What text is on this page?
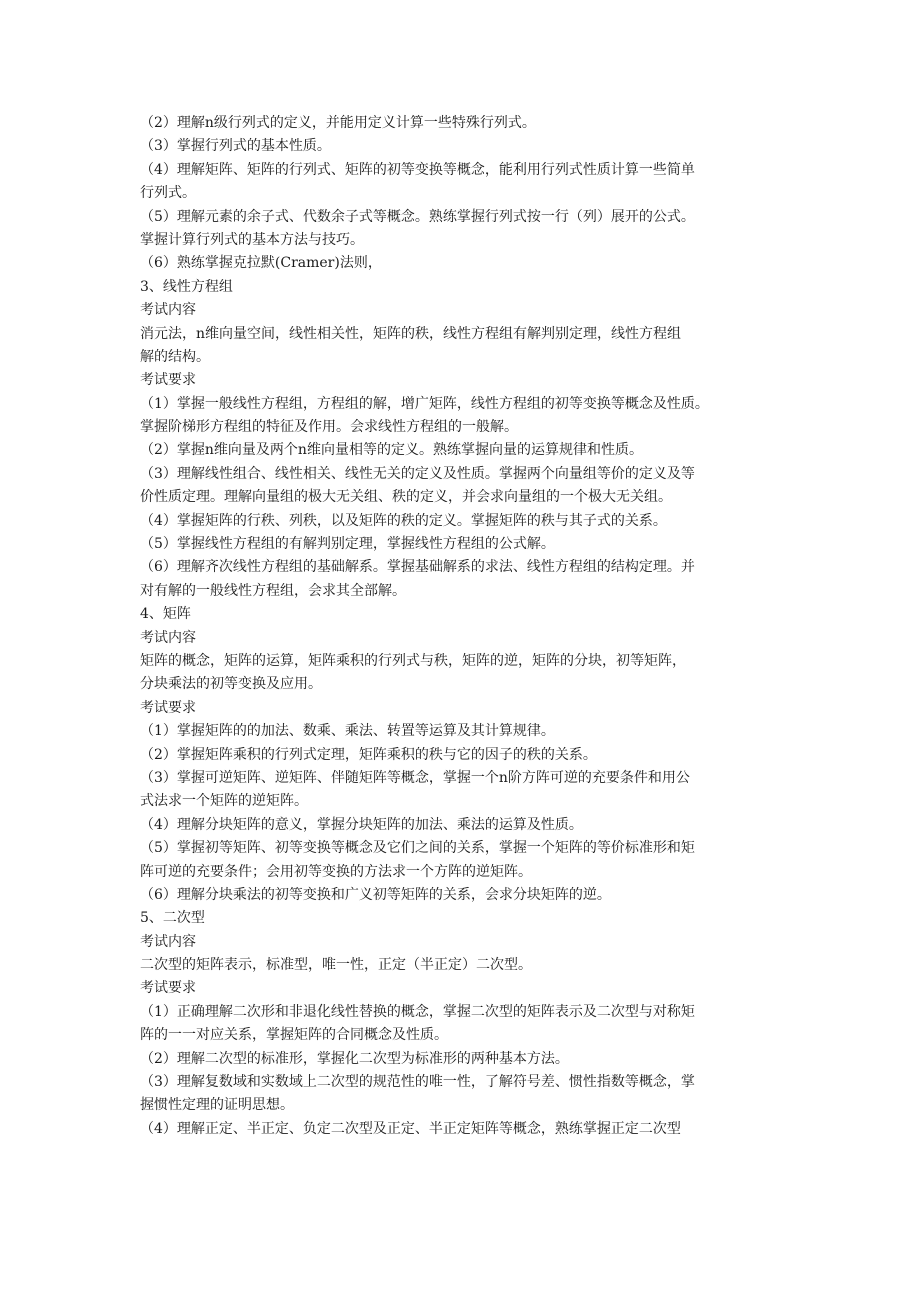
（2）理解n级行列式的定义，并能用定义计算一些特殊行列式。
（3）掌握行列式的基本性质。
（4）理解矩阵、矩阵的行列式、矩阵的初等变换等概念，能利用行列式性质计算一些简单
行列式。
（5）理解元素的余子式、代数余子式等概念。熟练掌握行列式按一行（列）展开的公式。
掌握计算行列式的基本方法与技巧。
（6）熟练掌握克拉默(Cramer)法则，
3、线性方程组
考试内容
消元法，n维向量空间，线性相关性，矩阵的秩，线性方程组有解判别定理，线性方程组
解的结构。
考试要求
（1）掌握一般线性方程组，方程组的解，增广矩阵，线性方程组的初等变换等概念及性质。
掌握阶梯形方程组的特征及作用。会求线性方程组的一般解。
（2）掌握n维向量及两个n维向量相等的定义。熟练掌握向量的运算规律和性质。
（3）理解线性组合、线性相关、线性无关的定义及性质。掌握两个向量组等价的定义及等
价性质定理。理解向量组的极大无关组、秩的定义，并会求向量组的一个极大无关组。
（4）掌握矩阵的行秩、列秩，以及矩阵的秩的定义。掌握矩阵的秩与其子式的关系。
（5）掌握线性方程组的有解判别定理，掌握线性方程组的公式解。
（6）理解齐次线性方程组的基础解系。掌握基础解系的求法、线性方程组的结构定理。并
对有解的一般线性方程组，会求其全部解。
4、矩阵
考试内容
矩阵的概念，矩阵的运算，矩阵乘积的行列式与秩，矩阵的逆，矩阵的分块，初等矩阵，
分块乘法的初等变换及应用。
考试要求
（1）掌握矩阵的的加法、数乘、乘法、转置等运算及其计算规律。
（2）掌握矩阵乘积的行列式定理，矩阵乘积的秩与它的因子的秩的关系。
（3）掌握可逆矩阵、逆矩阵、伴随矩阵等概念，掌握一个n阶方阵可逆的充要条件和用公
式法求一个矩阵的逆矩阵。
（4）理解分块矩阵的意义，掌握分块矩阵的加法、乘法的运算及性质。
（5）掌握初等矩阵、初等变换等概念及它们之间的关系，掌握一个矩阵的等价标准形和矩
阵可逆的充要条件；会用初等变换的方法求一个方阵的逆矩阵。
（6）理解分块乘法的初等变换和广义初等矩阵的关系，会求分块矩阵的逆。
5、二次型
考试内容
二次型的矩阵表示，标准型，唯一性，正定（半正定）二次型。
考试要求
（1）正确理解二次形和非退化线性替换的概念，掌握二次型的矩阵表示及二次型与对称矩
阵的一一对应关系，掌握矩阵的合同概念及性质。
（2）理解二次型的标准形，掌握化二次型为标准形的两种基本方法。
（3）理解复数域和实数域上二次型的规范性的唯一性，了解符号差、惯性指数等概念，掌
握惯性定理的证明思想。
（4）理解正定、半正定、负定二次型及正定、半正定矩阵等概念，熟练掌握正定二次型
